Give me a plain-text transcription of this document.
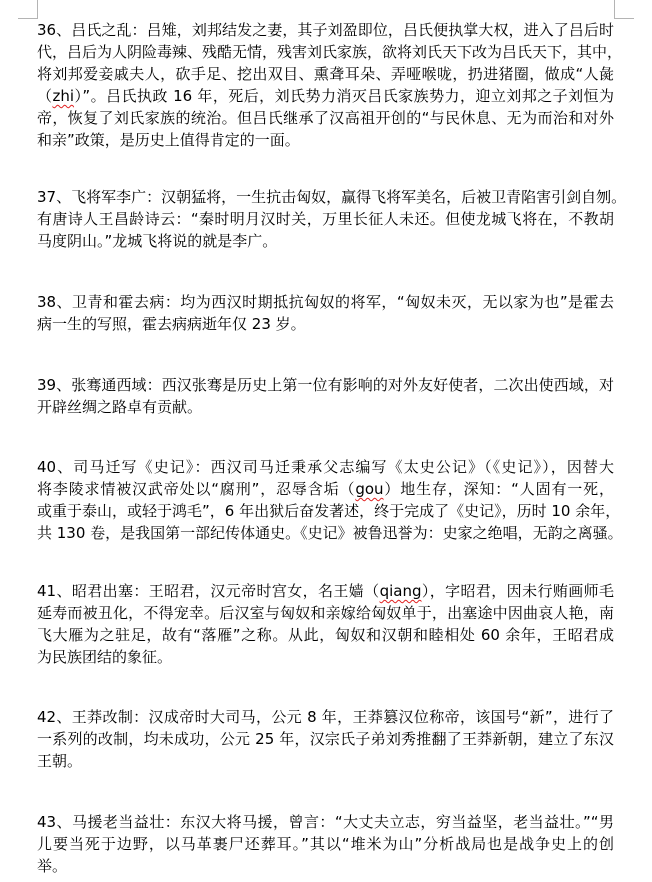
36、吕氏之乱：吕雉，刘邦结发之妻，其子刘盈即位，吕氏便执掌大权，进入了吕后时
代，吕后为人阴险毒辣、残酷无情，残害刘氏家族，欲将刘氏天下改为吕氏天下，其中，
将刘邦爱妾戚夫人，砍手足、挖出双目、熏聋耳朵、弄哑喉咙，扔进猪圈，做成“人彘
（zhi）”。吕氏执政 16 年，死后，刘氏势力消灭吕氏家族势力，迎立刘邦之子刘恒为
帝，恢复了刘氏家族的统治。但吕氏继承了汉高祖开创的“与民休息、无为而治和对外
和亲”政策，是历史上值得肯定的一面。
37、飞将军李广：汉朝猛将，一生抗击匈奴，赢得飞将军美名，后被卫青陷害引剑自刎。
有唐诗人王昌龄诗云：“秦时明月汉时关，万里长征人未还。但使龙城飞将在，不教胡
马度阴山。”龙城飞将说的就是李广。
38、卫青和霍去病：均为西汉时期抵抗匈奴的将军，“匈奴未灭，无以家为也”是霍去
病一生的写照，霍去病病逝年仅 23 岁。
39、张骞通西域：西汉张骞是历史上第一位有影响的对外友好使者，二次出使西域，对
开辟丝绸之路卓有贡献。
40、司马迁写《史记》：西汉司马迁秉承父志编写《太史公记》（《史记》），因替大
将李陵求情被汉武帝处以“腐刑”，忍辱含垢（gou）地生存，深知：“人固有一死，
或重于泰山，或轻于鸿毛”，6 年出狱后奋发著述，终于完成了《史记》，历时 10 余年，
共 130 卷，是我国第一部纪传体通史。《史记》被鲁迅誉为：史家之绝唱，无韵之离骚。
41、昭君出塞：王昭君，汉元帝时宫女，名王嫱（qiang），字昭君，因未行贿画师毛
延寿而被丑化，不得宠幸。后汉室与匈奴和亲嫁给匈奴单于，出塞途中因曲哀人艳，南
飞大雁为之驻足，故有“落雁”之称。从此，匈奴和汉朝和睦相处 60 余年，王昭君成
为民族团结的象征。
42、王莽改制：汉成帝时大司马，公元 8 年，王莽篡汉位称帝，该国号“新”，进行了
一系列的改制，均未成功，公元 25 年，汉宗氏子弟刘秀推翻了王莽新朝，建立了东汉
王朝。
43、马援老当益壮：东汉大将马援，曾言：“大丈夫立志，穷当益坚，老当益壮。”“男
儿要当死于边野，以马革裹尸还葬耳。”其以“堆米为山”分析战局也是战争史上的创
举。
